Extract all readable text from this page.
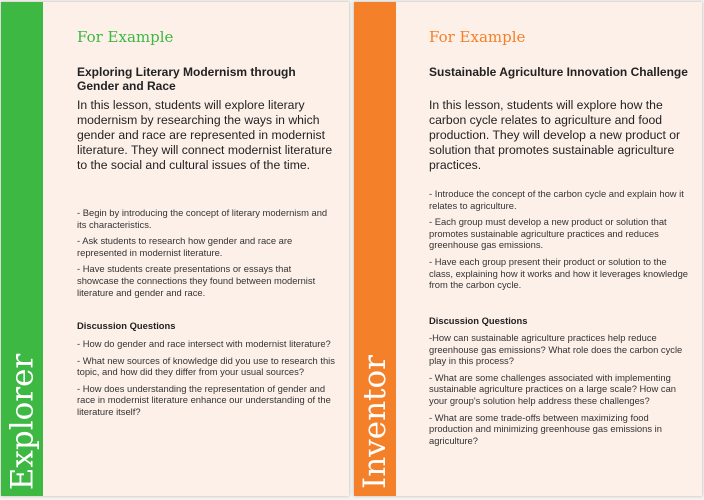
Explorer
For Example
Exploring Literary Modernism through Gender and Race
In this lesson, students will explore literary modernism by researching the ways in which gender and race are represented in modernist literature. They will connect modernist literature to the social and cultural issues of the time.

- Begin by introducing the concept of literary modernism and its characteristics.

- Ask students to research how gender and race are represented in modernist literature.

- Have students create presentations or essays that showcase the connections they found between modernist literature and gender and race.

Discussion Questions

- How do gender and race intersect with modernist literature?

- What new sources of knowledge did you use to research this topic, and how did they differ from your usual sources?

- How does understanding the representation of gender and race in modernist literature enhance our understanding of the literature itself?	Inventor
For Example
Sustainable Agriculture Innovation Challenge
In this lesson, students will explore how the carbon cycle relates to agriculture and food production. They will develop a new product or solution that promotes sustainable agriculture practices.

- Introduce the concept of the carbon cycle and explain how it relates to agriculture.

- Each group must develop a new product or solution that promotes sustainable agriculture practices and reduces greenhouse gas emissions.

- Have each group present their product or solution to the class, explaining how it works and how it leverages knowledge from the carbon cycle.

Discussion Questions

-How can sustainable agriculture practices help reduce greenhouse gas emissions? What role does the carbon cycle play in this process?

- What are some challenges associated with implementing sustainable agriculture practices on a large scale? How can your group's solution help address these challenges?

- What are some trade-offs between maximizing food production and minimizing greenhouse gas emissions in agriculture?
